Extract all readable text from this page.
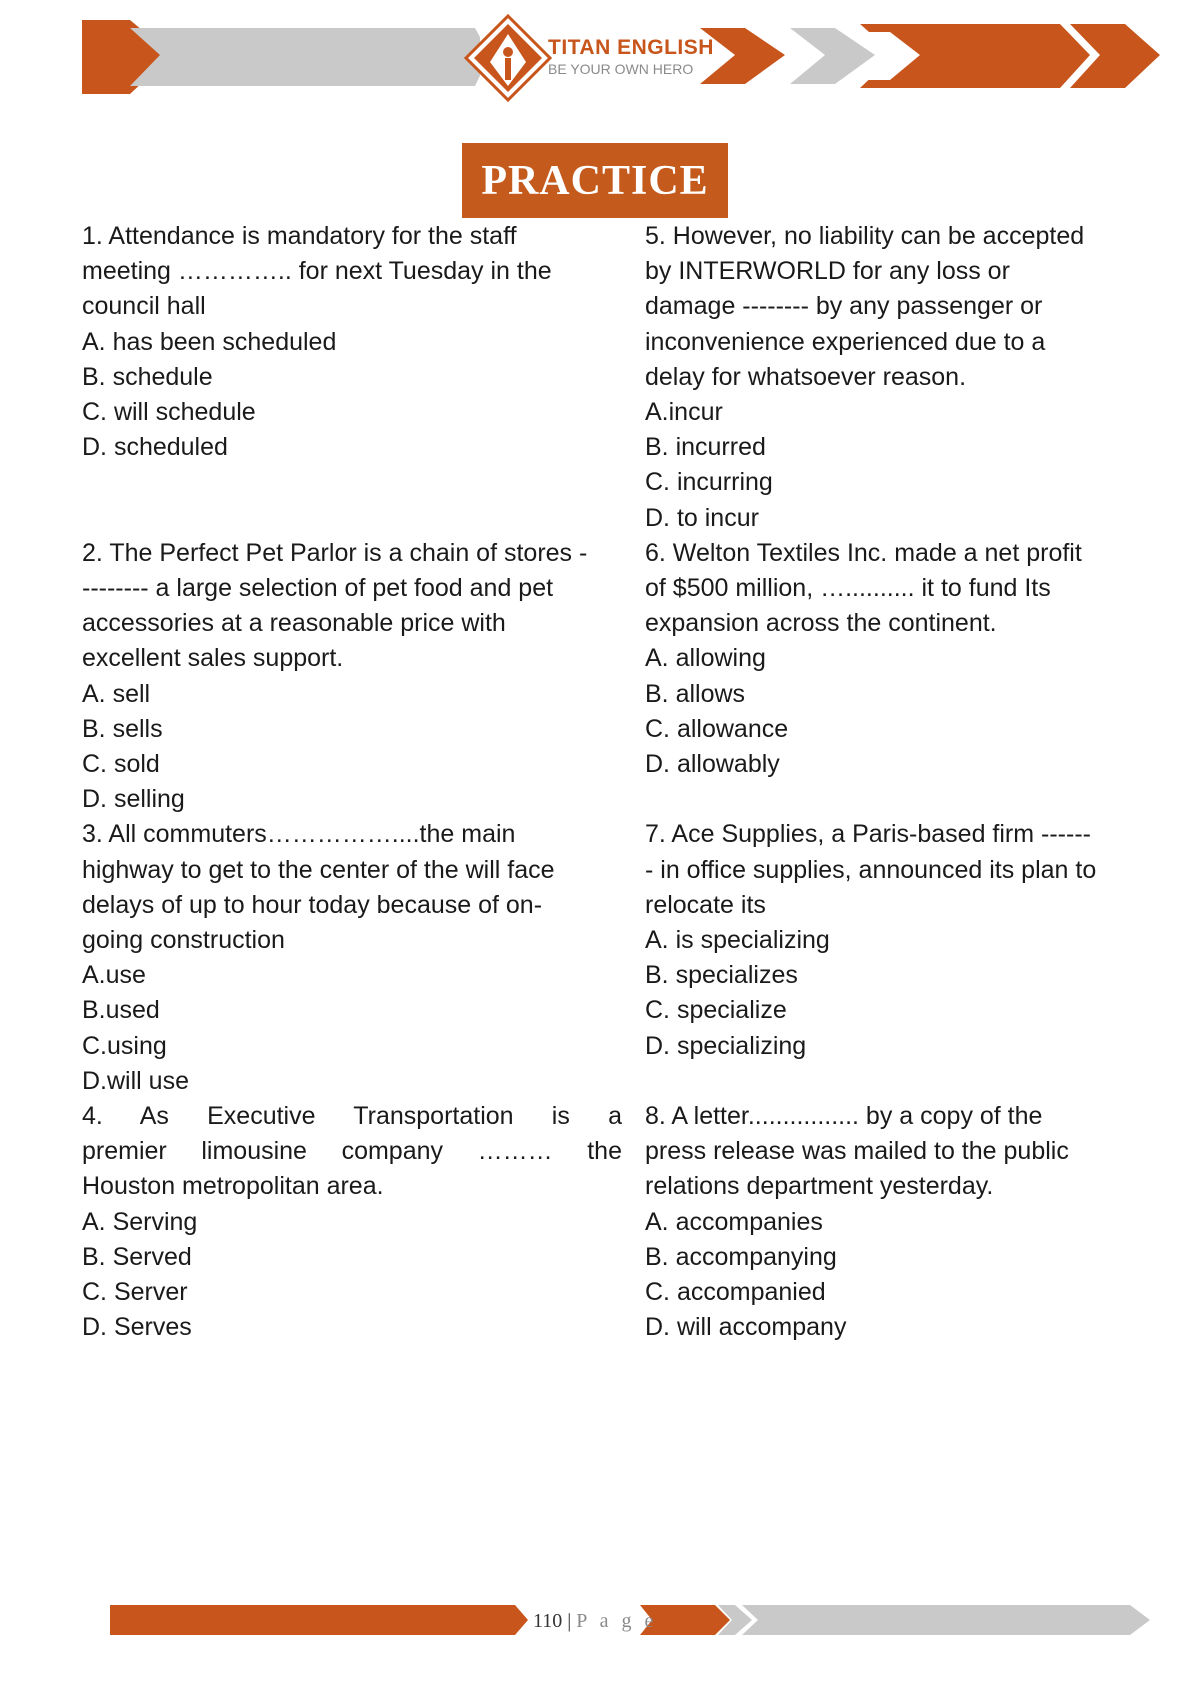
TITAN ENGLISH
BE YOUR OWN HERO
PRACTICE
1. Attendance is mandatory for the staff
meeting ………….. for next Tuesday in the
council hall
A. has been scheduled
B. schedule
C. will schedule
D. scheduled
2. The Perfect Pet Parlor is a chain of stores -
-------- a large selection of pet food and pet
accessories at a reasonable price with
excellent sales support.
A. sell
B. sells
C. sold
D. selling
3. All commuters……………....the main
highway to get to the center of the will face
delays of up to hour today because of on-
going construction
A.use
B.used
C.using
D.will use
4. As Executive Transportation is a
premier limousine company ……… the
Houston metropolitan area.
A. Serving
B. Served
C. Server
D. Serves
5. However, no liability can be accepted
by INTERWORLD for any loss or
damage -------- by any passenger or
inconvenience experienced due to a
delay for whatsoever reason.
A.incur
B. incurred
C. incurring
D. to incur
6. Welton Textiles Inc. made a net profit
of $500 million, ….......... it to fund Its
expansion across the continent.
A. allowing
B. allows
C. allowance
D. allowably
7. Ace Supplies, a Paris-based firm ------
- in office supplies, announced its plan to
relocate its
A. is specializing
B. specializes
C. specialize
D. specializing
8. A letter................ by a copy of the
press release was mailed to the public
relations department yesterday.
A. accompanies
B. accompanying
C. accompanied
D. will accompany
110 | P a g e
